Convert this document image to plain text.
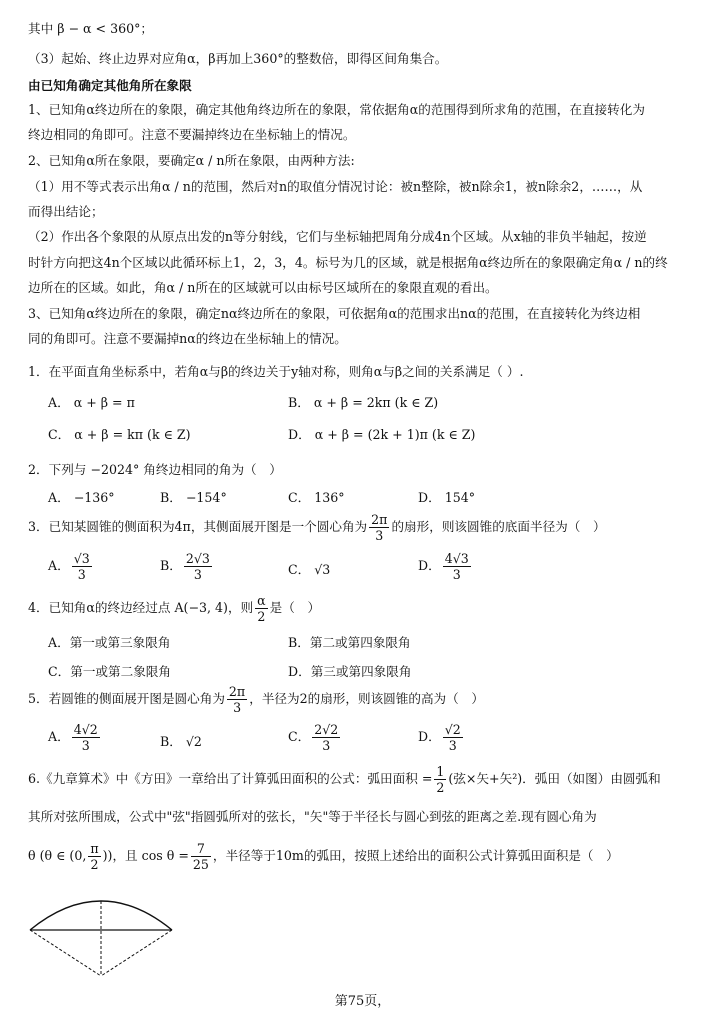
其中 β − α < 360°；
（3）起始、终止边界对应角α，β再加上360°的整数倍，即得区间角集合。
由已知角确定其他角所在象限
1、已知角α终边所在的象限，确定其他角终边所在的象限，常依据角α的范围得到所求角的范围，在直接转化为
终边相同的角即可。注意不要漏掉终边在坐标轴上的情况。
2、已知角α所在象限，要确定α / n所在象限，由两种方法:
（1）用不等式表示出角α / n的范围，然后对n的取值分情况讨论：被n整除，被n除余1，被n除余2，……，从
而得出结论；
（2）作出各个象限的从原点出发的n等分射线，它们与坐标轴把周角分成4n个区域。从x轴的非负半轴起，按逆
时针方向把这4n个区域以此循环标上1，2，3，4。标号为几的区域，就是根据角α终边所在的象限确定角α / n的终
边所在的区域。如此，角α / n所在的区域就可以由标号区域所在的象限直观的看出。
3、已知角α终边所在的象限，确定nα终边所在的象限，可依据角α的范围求出nα的范围，在直接转化为终边相
同的角即可。注意不要漏掉nα的终边在坐标轴上的情况。
1．在平面直角坐标系中，若角α与β的终边关于y轴对称，则角α与β之间的关系满足（ ）.
A． α + β = π	B． α + β = 2kπ (k ∈ Z)
C． α + β = kπ (k ∈ Z)	D． α + β = (2k + 1)π (k ∈ Z)
2．下列与 −2024° 角终边相同的角为（　）
A． −136°	B． −154°	C． 136°	D． 154°
3．已知某圆锥的侧面积为4π，其侧面展开图是一个圆心角为 $\frac{2\pi}{3}$ 的扇形，则该圆锥的底面半径为（　）
A． $\frac{√3}{3}$	B． $\frac{2√3}{3}$	C． √3	D． $\frac{4√3}{3}$
4．已知角α的终边经过点 A(−3, 4)，则 $\frac{\alpha}{2}$ 是（　）
A．第一或第三象限角	B．第二或第四象限角
C．第一或第二象限角	D．第三或第四象限角
5．若圆锥的侧面展开图是圆心角为 $\frac{2\pi}{3}$ ，半径为2的扇形，则该圆锥的高为（　）
A． $\frac{4√2}{3}$	B． √2	C． $\frac{2√2}{3}$	D． $\frac{√2}{3}$
6.《九章算术》中《方田》一章给出了计算弧田面积的公式：弧田面积 = $\frac{1}{2}$ (弦×矢+矢²)．弧田（如图）由圆弧和
其所对弦所围成，公式中"弦"指圆弧所对的弦长，"矢"等于半径长与圆心到弦的距离之差.现有圆心角为
θ (θ ∈ (0, $\frac{\pi}{2}$ ))，且 $\cos \theta = \frac{7}{25}$ ，半径等于10m的弧田，按照上述给出的面积公式计算弧田面积是（　）
第75页，
